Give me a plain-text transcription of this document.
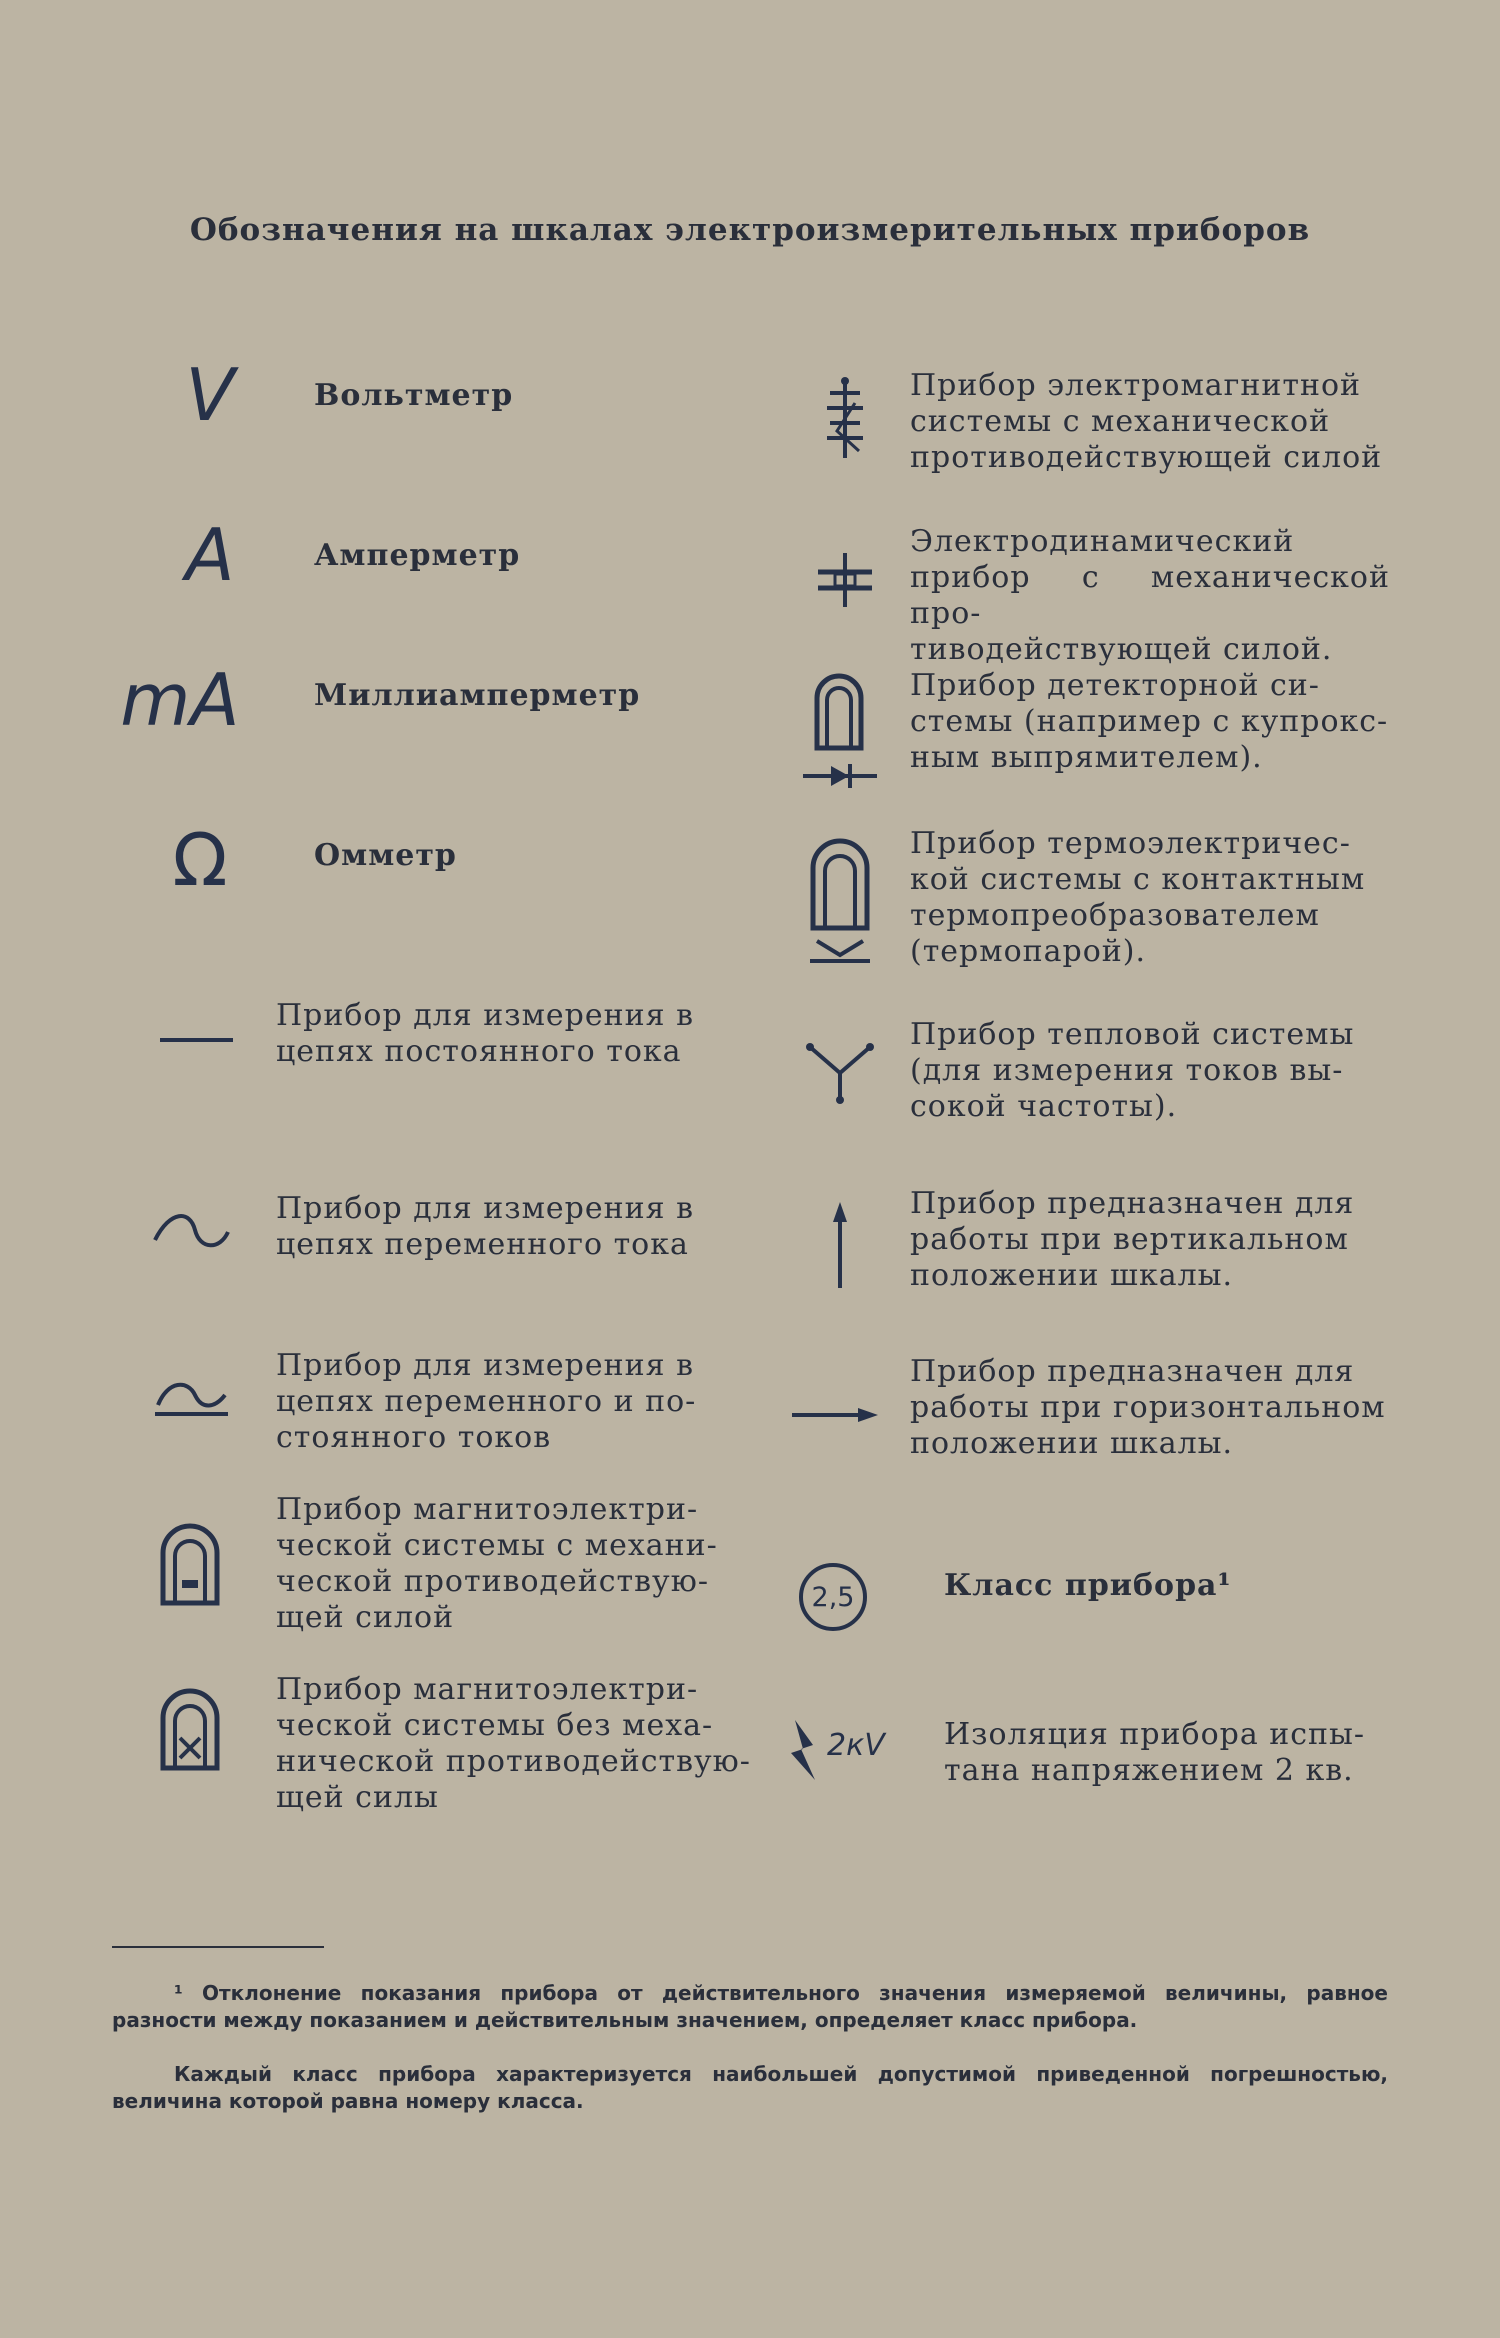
Обозначения на шкалах электроизмерительных приборов
V	Вольтметр
A	Амперметр
mA Миллиамперметр
Ω	Омметр
Прибор для измерения в
цепях постоянного тока
Прибор для измерения в
цепях переменного тока
Прибор для измерения в
цепях переменного и по-
стоянного токов
Прибор магнитоэлектри-
ческой системы с механи-
ческой противодействую-
щей силой
Прибор магнитоэлектри-
ческой системы без меха-
нической противодействую-
щей силы
Прибор электромагнитной
системы с механической
противодействующей силой
Электродинамический
прибор с механической про-
тиводействующей силой.
Прибор детекторной си-
стемы (например с купрокс-
ным выпрямителем).
Прибор термоэлектричес-
кой системы с контактным
термопреобразователем
(термопарой).
Прибор тепловой системы
(для измерения токов вы-
сокой частоты).
Прибор предназначен для
работы при вертикальном
положении шкалы.
Прибор предназначен для
работы при горизонтальном
положении шкалы.
2,5	Класс прибора¹
2кV Изоляция прибора испы-
тана напряжением 2 кв.
¹ Отклонение показания прибора от действительного значения измеряемой величины, равное разности между показанием и действительным значением, определяет класс прибора.
Каждый класс прибора характеризуется наибольшей допустимой приведенной погрешностью, величина которой равна номеру класса.
